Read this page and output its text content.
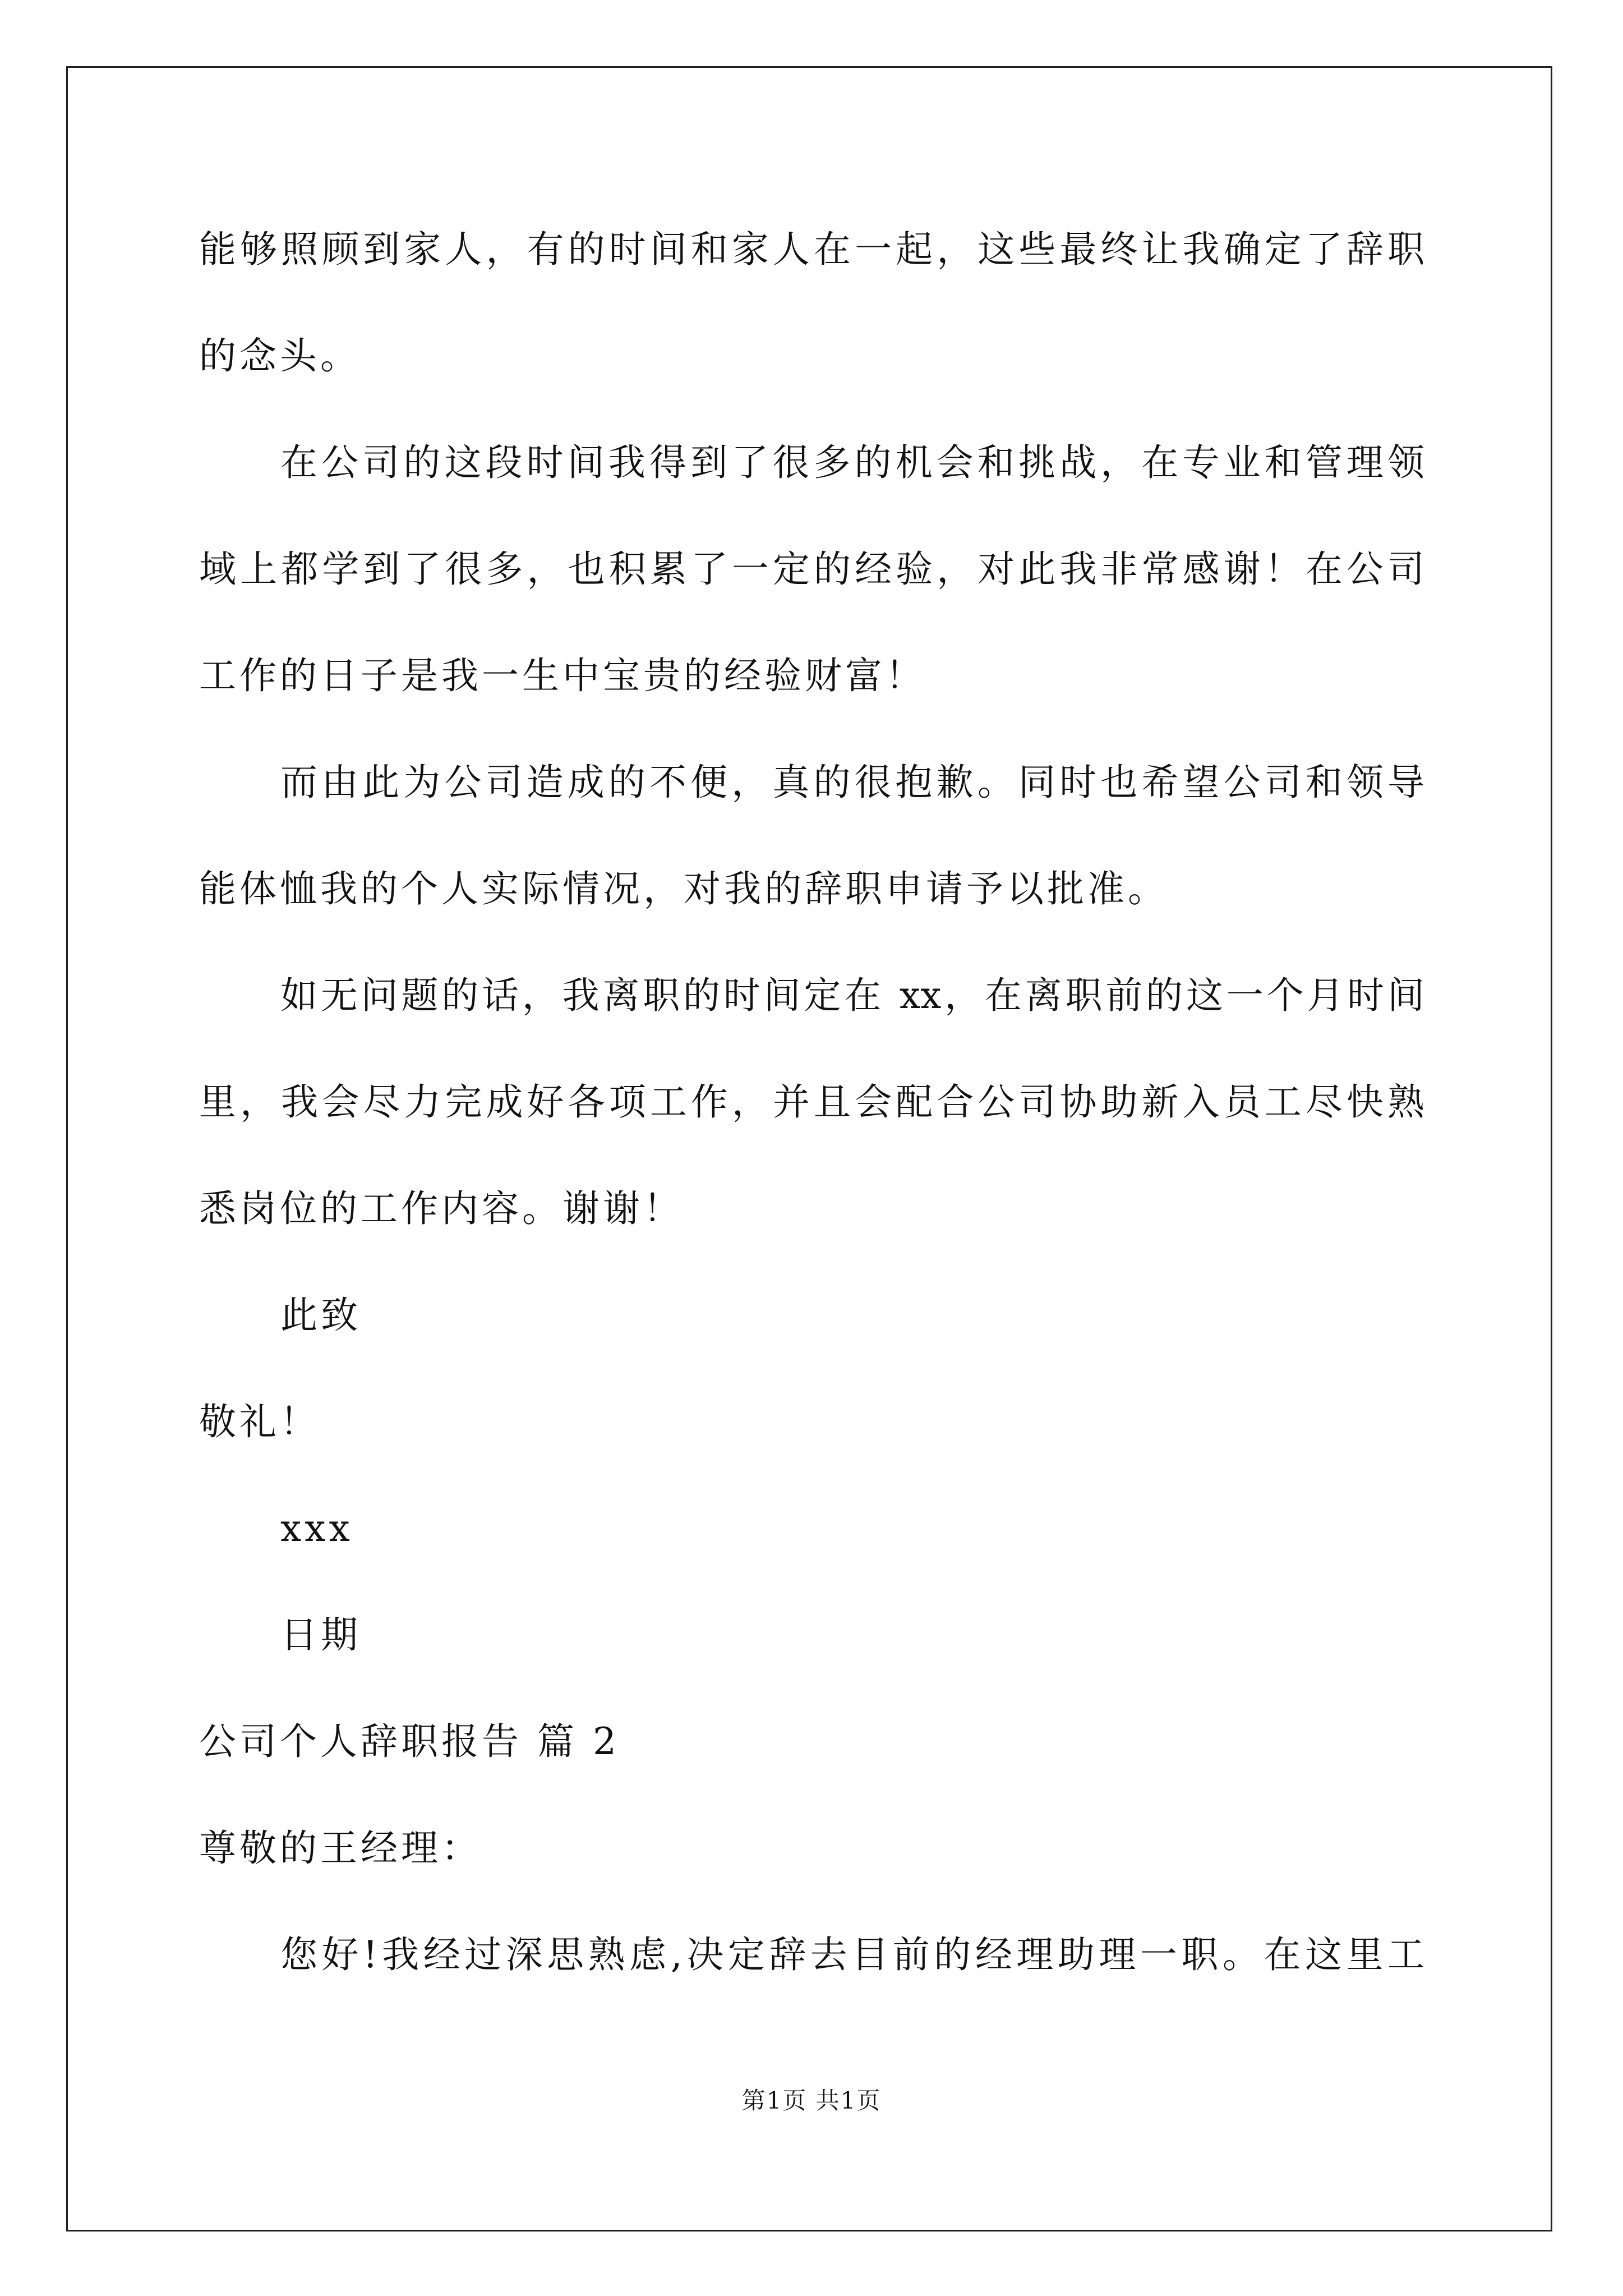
能够照顾到家人，有的时间和家人在一起，这些最终让我确定了辞职
的念头。
在公司的这段时间我得到了很多的机会和挑战，在专业和管理领
域上都学到了很多，也积累了一定的经验，对此我非常感谢！在公司
工作的日子是我一生中宝贵的经验财富！
而由此为公司造成的不便，真的很抱歉。同时也希望公司和领导
能体恤我的个人实际情况，对我的辞职申请予以批准。
如无问题的话，我离职的时间定在 xx，在离职前的这一个月时间
里，我会尽力完成好各项工作，并且会配合公司协助新入员工尽快熟
悉岗位的工作内容。谢谢！
此致
敬礼！
xxx
日期
公司个人辞职报告 篇 2
尊敬的王经理：
您好!我经过深思熟虑,决定辞去目前的经理助理一职。在这里工
第1页 共1页
